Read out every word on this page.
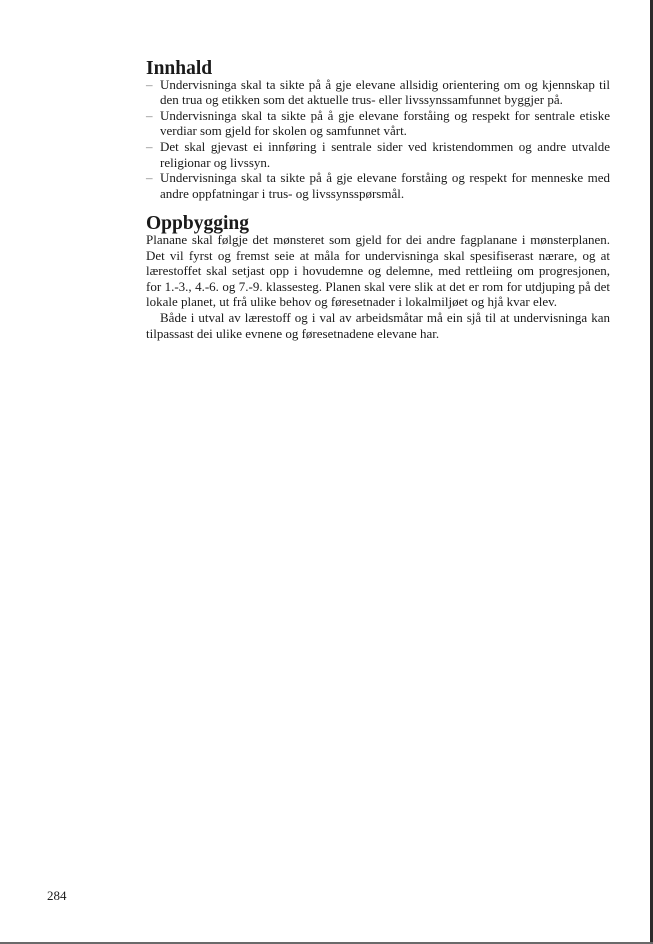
Innhald
– Undervisninga skal ta sikte på å gje elevane allsidig orientering om og kjennskap til den trua og etikken som det aktuelle trus- eller livssynssamfunnet byggjer på.
– Undervisninga skal ta sikte på å gje elevane forståing og respekt for sentrale etiske verdiar som gjeld for skolen og samfunnet vårt.
– Det skal gjevast ei innføring i sentrale sider ved kristendommen og andre utvalde religionar og livssyn.
– Undervisninga skal ta sikte på å gje elevane forståing og respekt for menneske med andre oppfatningar i trus- og livssynsspørsmål.
Oppbygging

Planane skal følgje det mønsteret som gjeld for dei andre fagplanane i mønsterplanen. Det vil fyrst og fremst seie at måla for undervisninga skal spesifiserast nærare, og at lærestoffet skal setjast opp i hovudemne og delemne, med rettleiing om progresjonen, for 1.-3., 4.-6. og 7.-9. klassesteg. Planen skal vere slik at det er rom for utdjuping på det lokale planet, ut frå ulike behov og føresetnader i lokalmiljøet og hjå kvar elev.

Både i utval av lærestoff og i val av arbeidsmåtar må ein sjå til at undervisninga kan tilpassast dei ulike evnene og føresetnadene elevane har.

284
